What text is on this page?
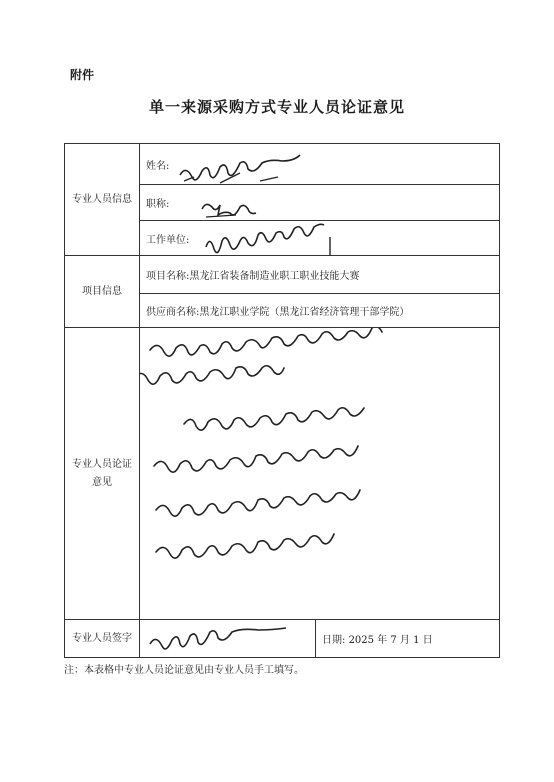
附件
单一来源采购方式专业人员论证意见
专业人员信息	姓名:	

	职称:	

	工作单位:	

项目信息	项目名称:黑龙江省装备制造业职工职业技能大赛	

	供应商名称:黑龙江职业学院（黑龙江省经济管理干部学院）	

专业人员论证
意见	

专业人员签字		日期: 2025 年 7 月 1 日
注：本表格中专业人员论证意见由专业人员手工填写。
